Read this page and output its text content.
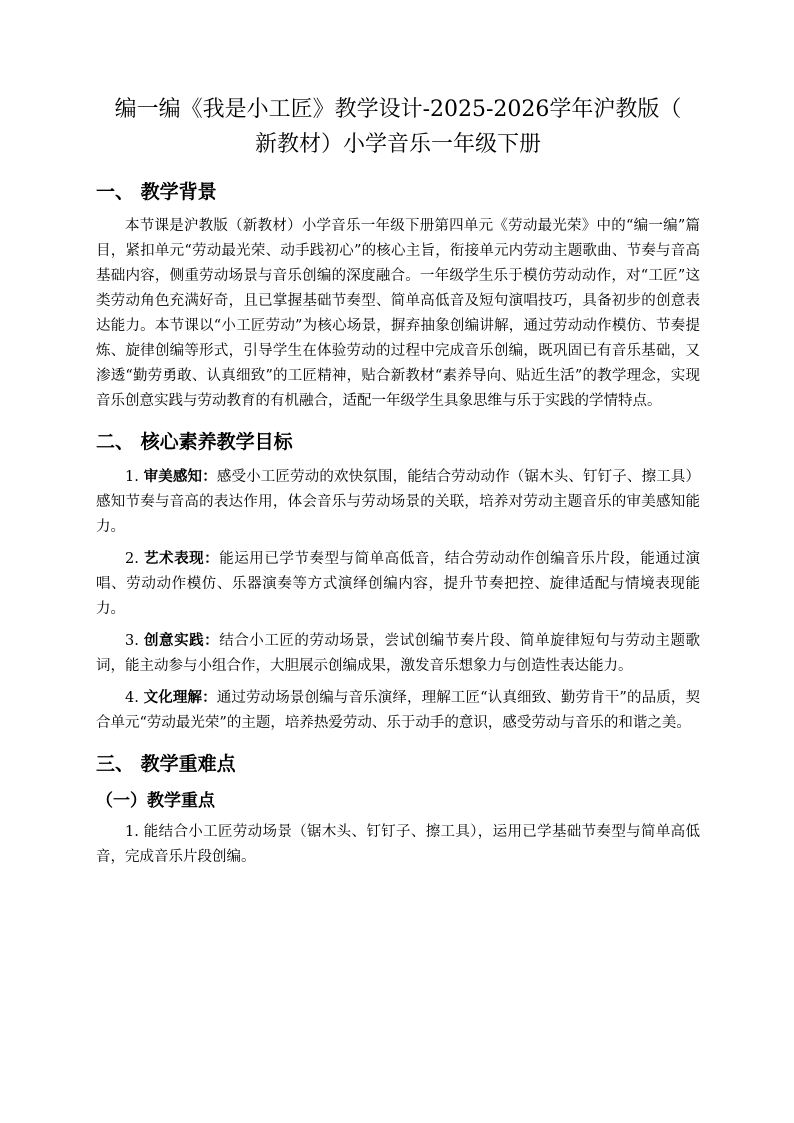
编一编《我是小工匠》教学设计-2025-2026学年沪教版（
新教材）小学音乐一年级下册
一、 教学背景

本节课是沪教版（新教材）小学音乐一年级下册第四单元《劳动最光荣》中的“编一编”篇目，紧扣单元“劳动最光荣、动手践初心”的核心主旨，衔接单元内劳动主题歌曲、节奏与音高基础内容，侧重劳动场景与音乐创编的深度融合。一年级学生乐于模仿劳动动作，对“工匠”这类劳动角色充满好奇，且已掌握基础节奏型、简单高低音及短句演唱技巧，具备初步的创意表达能力。本节课以“小工匠劳动”为核心场景，摒弃抽象创编讲解，通过劳动动作模仿、节奏提炼、旋律创编等形式，引导学生在体验劳动的过程中完成音乐创编，既巩固已有音乐基础，又渗透“勤劳勇敢、认真细致”的工匠精神，贴合新教材“素养导向、贴近生活”的教学理念，实现音乐创意实践与劳动教育的有机融合，适配一年级学生具象思维与乐于实践的学情特点。

二、 核心素养教学目标

1. 审美感知：感受小工匠劳动的欢快氛围，能结合劳动动作（锯木头、钉钉子、擦工具）感知节奏与音高的表达作用，体会音乐与劳动场景的关联，培养对劳动主题音乐的审美感知能力。

2. 艺术表现：能运用已学节奏型与简单高低音，结合劳动动作创编音乐片段，能通过演唱、劳动动作模仿、乐器演奏等方式演绎创编内容，提升节奏把控、旋律适配与情境表现能力。

3. 创意实践：结合小工匠的劳动场景，尝试创编节奏片段、简单旋律短句与劳动主题歌词，能主动参与小组合作，大胆展示创编成果，激发音乐想象力与创造性表达能力。

4. 文化理解：通过劳动场景创编与音乐演绎，理解工匠“认真细致、勤劳肯干”的品质，契合单元“劳动最光荣”的主题，培养热爱劳动、乐于动手的意识，感受劳动与音乐的和谐之美。

三、 教学重难点
（一）教学重点

1. 能结合小工匠劳动场景（锯木头、钉钉子、擦工具），运用已学基础节奏型与简单高低音，完成音乐片段创编。
